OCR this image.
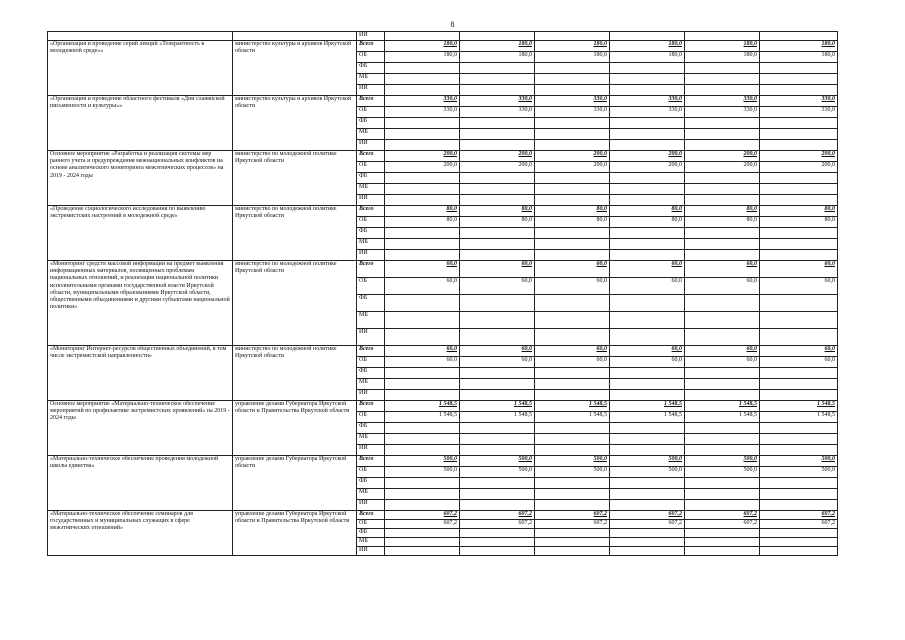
8
		ИИ						
«Организация и проведение серий лекций «Толерантность в молодежной среде»»	министерство культуры и архивов Иркутской области	Всего	180,0	180,0	180,0	180,0	180,0	180,0
		ОБ	180,0	180,0	180,0	180,0	180,0	180,0
		ФБ						
		МБ						
		ИИ						
«Организация и проведение областного фестиваля «Дни славянской письменности и культуры»»	министерство культуры и архивов Иркутской области	Всего	330,0	330,0	330,0	330,0	330,0	330,0
		ОБ	330,0	330,0	330,0	330,0	330,0	330,0
		ФБ						
		МБ						
		ИИ						
Основное мероприятие «Разработка и реализация системы мер раннего учета и предупреждения межнациональных конфликтов на основе аналитического мониторинга межэтнических процессов» на 2019 - 2024 годы	министерство по молодежной политике Иркутской области	Всего	200,0	200,0	200,0	200,0	200,0	200,0
		ОБ	200,0	200,0	200,0	200,0	200,0	200,0
		ФБ						
		МБ						
		ИИ						
«Проведение социологического исследования по выявлению экстремистских настроений в молодежной среде»	министерство по молодежной политике Иркутской области	Всего	80,0	80,0	80,0	80,0	80,0	80,0
		ОБ	80,0	80,0	80,0	80,0	80,0	80,0
		ФБ						
		МБ						
		ИИ						
«Мониторинг средств массовой информации на предмет выявления информационных материалов, посвященных проблемам национальных отношений, и реализации национальной политики исполнительными органами государственной власти Иркутской области, муниципальными образованиями Иркутской области, общественными объединениями и другими субъектами национальной политики»	министерство по молодежной политике Иркутской области	Всего	60,0	60,0	60,0	60,0	60,0	60,0
		ОБ	60,0	60,0	60,0	60,0	60,0	60,0
		ФБ						
		МБ						
		ИИ						
«Мониторинг Интернет-ресурсов общественных объединений, в том числе экстремистской направленности»	министерство по молодежной политике Иркутской области	Всего	60,0	60,0	60,0	60,0	60,0	60,0
		ОБ	60,0	60,0	60,0	60,0	60,0	60,0
		ФБ						
		МБ						
		ИИ						
Основное мероприятие «Материально-техническое обеспечение мероприятий по профилактике экстремистских проявлений» на 2019 - 2024 годы	управление делами Губернатора Иркутской области и Правительства Иркутской области	Всего	1 548,5	1 548,5	1 548,5	1 548,5	1 548,5	1 548,5
		ОБ	1 548,5	1 548,5	1 548,5	1 548,5	1 548,5	1 548,5
		ФБ						
		МБ						
		ИИ						
«Материально-техническое обеспечение проведения молодежной школы единства»	управление делами Губернатора Иркутской области	Всего	500,0	500,0	500,0	500,0	500,0	500,0
		ОБ	500,0	500,0	500,0	500,0	500,0	500,0
		ФБ						
		МБ						
		ИИ						
«Материально-техническое обеспечение семинаров для государственных и муниципальных служащих в сфере межэтнических отношений»	управление делами Губернатора Иркутской области и Правительства Иркутской области	Всего	607,2	607,2	607,2	607,2	607,2	607,2
		ОБ	607,2	607,2	607,2	607,2	607,2	607,2
		ФБ						
		МБ						
		ИИ						
